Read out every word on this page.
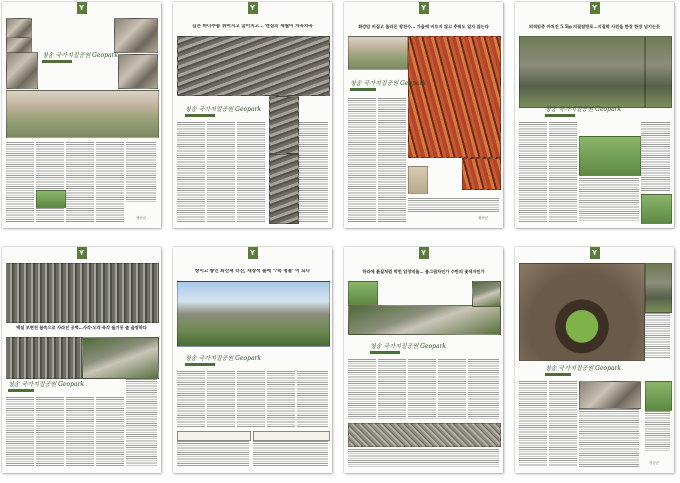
Y
청송 국가지질공원 Geopark
청송군
Y
깊은 바다주름 휘어지고 굽이치고… 엔집의 세월이 차곡차곡
청송 국가지질공원 Geopark
Y
화강암 비집고 올라온 광천수… 가을에 비트지 않고 추워도 얼지 않는다
청송 국가지질공원 Geopark
청송군
Y
퇴적암층 아처진 5.5㎞ 지질탐방로…지질학 사전을 한장 한장 넘기는듯
청송 국가지질공원 Geopark
Y
백설 보현천 물속으로 사라진 공벽…사각·오각·육각 돌기둥 줄 울창하다
청송 국가지질공원 Geopark
Y
쌍이고 쌓인 화산재 터진, 새창석 돌에 '7특 명물' 이 되다
청송 국가지질공원 Geopark
Y
하라에 붉질처럼 박힌 암경덕돌… 물그림자인가 수반의 꽃색자인가
청송 국가지질공원 Geopark
Y
청송 국가지질공원 Geopark
청송군
